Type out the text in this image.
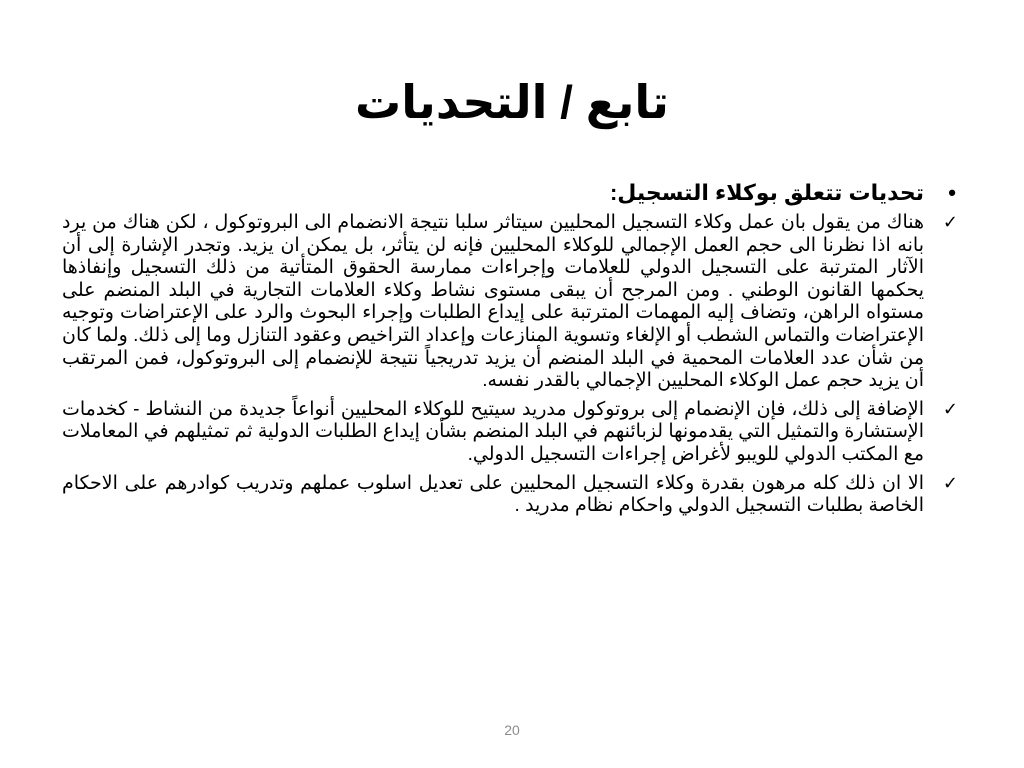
تابع / التحديات
•
تحديات تتعلق بوكلاء التسجيل:
✓
هناك من يقول بان عمل وكلاء التسجيل المحليين سيتاثر سلبا نتيجة الانضمام الى البروتوكول ، لكن هناك من يرد بانه اذا نظرنا الى حجم العمل الإجمالي للوكلاء المحليين فإنه لن يتأثر، بل يمكن ان يزيد. وتجدر الإشارة إلى أن الآثار المترتبة على التسجيل الدولي للعلامات وإجراءات ممارسة الحقوق المتأتية من ذلك التسجيل وإنفاذها يحكمها القانون الوطني . ومن المرجح أن يبقى مستوى نشاط وكلاء العلامات التجارية في البلد المنضم على مستواه الراهن، وتضاف إليه المهمات المترتبة على إيداع الطلبات وإجراء البحوث والرد على الإعتراضات وتوجيه الإعتراضات والتماس الشطب أو الإلغاء وتسوية المنازعات وإعداد التراخيص وعقود التنازل وما إلى ذلك. ولما كان من شأن عدد العلامات المحمية في البلد المنضم أن يزيد تدريجياً نتيجة للإنضمام إلى البروتوكول، فمن المرتقب أن يزيد حجم عمل الوكلاء المحليين الإجمالي بالقدر نفسه.
✓
الإضافة إلى ذلك، فإن الإنضمام إلى بروتوكول مدريد سيتيح للوكلاء المحليين أنواعاً جديدة من النشاط - كخدمات الإستشارة والتمثيل التي يقدمونها لزبائنهم في البلد المنضم بشأن إيداع الطلبات الدولية ثم تمثيلهم في المعاملات مع المكتب الدولي للويبو لأغراض إجراءات التسجيل الدولي.
✓
الا ان ذلك كله مرهون بقدرة وكلاء التسجيل المحليين على تعديل اسلوب عملهم وتدريب كوادرهم على الاحكام الخاصة بطلبات التسجيل الدولي واحكام نظام مدريد .
20
